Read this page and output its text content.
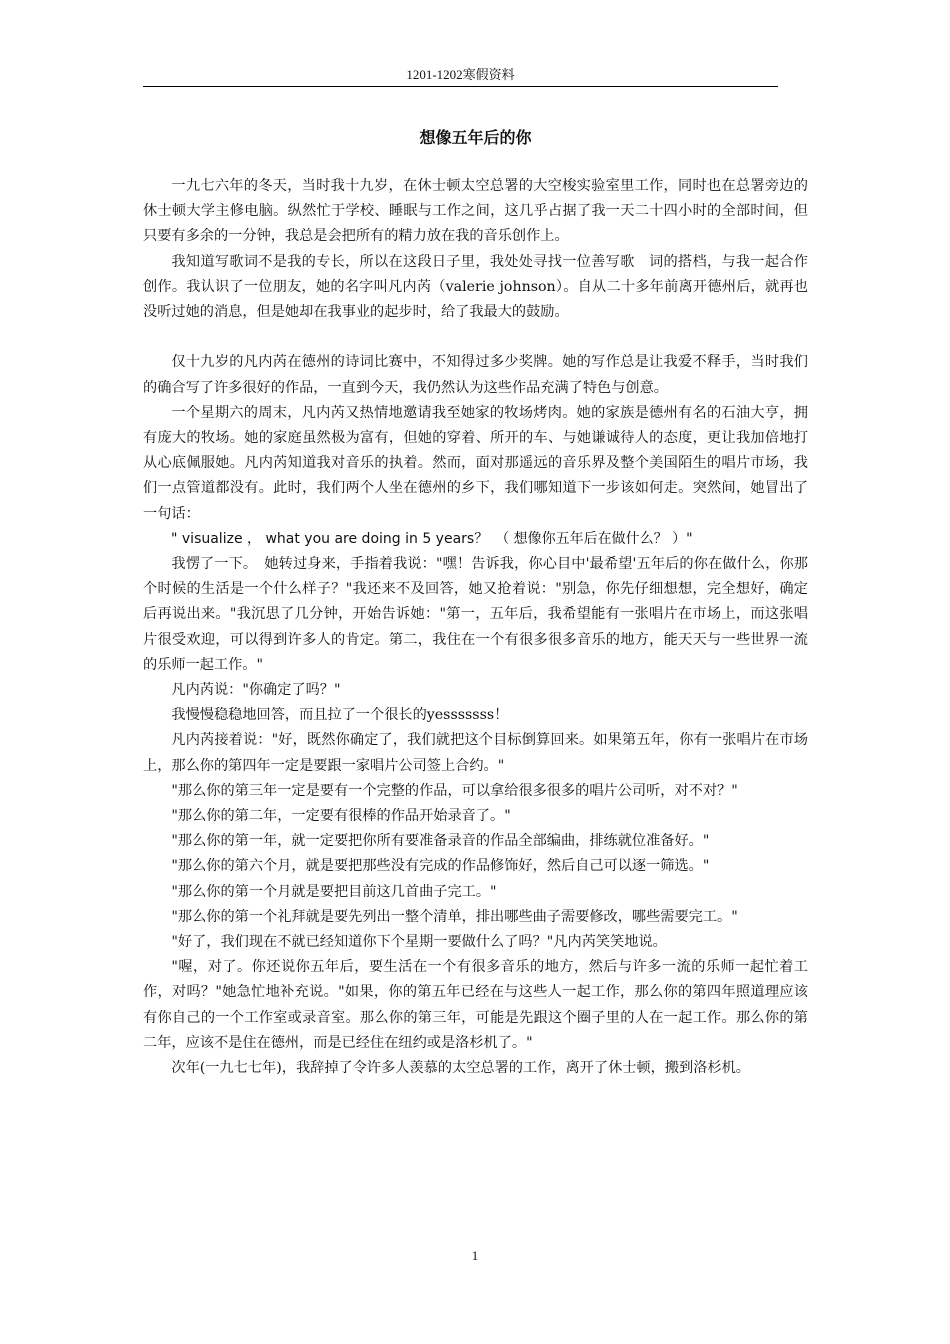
1201-1202寒假资料
想像五年后的你

一九七六年的冬天，当时我十九岁，在休士顿太空总署的大空梭实验室里工作，同时也在总署旁边的休士顿大学主修电脑。纵然忙于学校、睡眠与工作之间，这几乎占据了我一天二十四小时的全部时间，但只要有多余的一分钟，我总是会把所有的精力放在我的音乐创作上。

我知道写歌词不是我的专长，所以在这段日子里，我处处寻找一位善写歌　词的搭档，与我一起合作创作。我认识了一位朋友，她的名字叫凡内芮（valerie johnson）。自从二十多年前离开德州后，就再也没听过她的消息，但是她却在我事业的起步时，给了我最大的鼓励。

仅十九岁的凡内芮在德州的诗词比赛中，不知得过多少奖牌。她的写作总是让我爱不释手，当时我们的确合写了许多很好的作品，一直到今天，我仍然认为这些作品充满了特色与创意。

一个星期六的周末，凡内芮又热情地邀请我至她家的牧场烤肉。她的家族是德州有名的石油大亨，拥有庞大的牧场。她的家庭虽然极为富有，但她的穿着、所开的车、与她谦诚待人的态度，更让我加倍地打从心底佩服她。凡内芮知道我对音乐的执着。然而，面对那遥远的音乐界及整个美国陌生的唱片市场，我们一点管道都没有。此时，我们两个人坐在德州的乡下，我们哪知道下一步该如何走。突然间，她冒出了一句话：

" visualize ， what you are doing in 5 years？　（ 想像你五年后在做什么？ ）"

我愣了一下。　她转过身来，手指着我说："嘿！告诉我，你心目中'最希望'五年后的你在做什么，你那个时候的生活是一个什么样子？"我还来不及回答，她又抢着说："别急，你先仔细想想，完全想好，确定后再说出来。"我沉思了几分钟，开始告诉她："第一，五年后，我希望能有一张唱片在市场上，而这张唱片很受欢迎，可以得到许多人的肯定。第二，我住在一个有很多很多音乐的地方，能天天与一些世界一流的乐师一起工作。"

凡内芮说："你确定了吗？"

我慢慢稳稳地回答，而且拉了一个很长的yesssssss！

凡内芮接着说："好，既然你确定了，我们就把这个目标倒算回来。如果第五年，你有一张唱片在市场上，那么你的第四年一定是要跟一家唱片公司签上合约。"

"那么你的第三年一定是要有一个完整的作品，可以拿给很多很多的唱片公司听，对不对？"

"那么你的第二年，一定要有很棒的作品开始录音了。"

"那么你的第一年，就一定要把你所有要准备录音的作品全部编曲，排练就位准备好。"

"那么你的第六个月，就是要把那些没有完成的作品修饰好，然后自己可以逐一筛选。"

"那么你的第一个月就是要把目前这几首曲子完工。"

"那么你的第一个礼拜就是要先列出一整个清单，排出哪些曲子需要修改，哪些需要完工。"

"好了，我们现在不就已经知道你下个星期一要做什么了吗？"凡内芮笑笑地说。

"喔，对了。你还说你五年后，要生活在一个有很多音乐的地方，然后与许多一流的乐师一起忙着工作，对吗？"她急忙地补充说。"如果，你的第五年已经在与这些人一起工作，那么你的第四年照道理应该有你自己的一个工作室或录音室。那么你的第三年，可能是先跟这个圈子里的人在一起工作。那么你的第二年，应该不是住在德州，而是已经住在纽约或是洛杉机了。"

次年(一九七七年)，我辞掉了令许多人羡慕的太空总署的工作，离开了休士顿，搬到洛杉机。

1
